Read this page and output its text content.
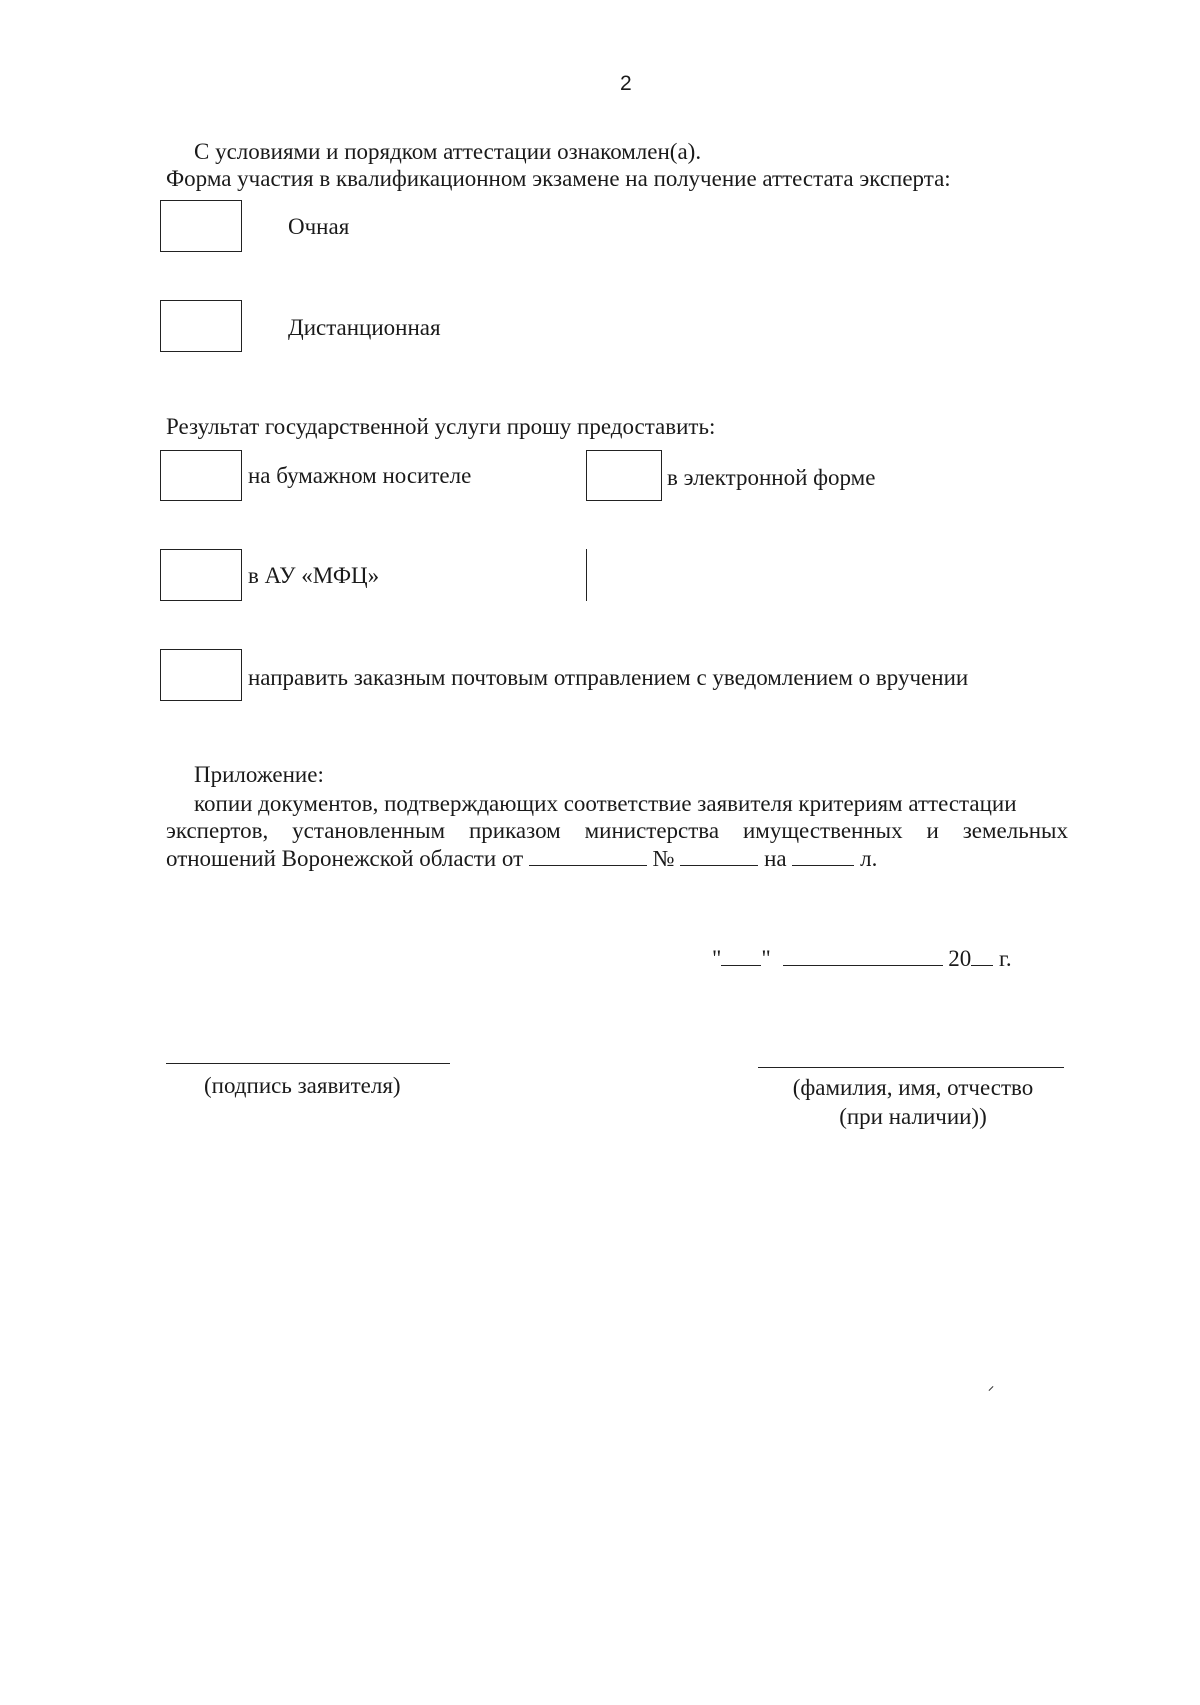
2
С условиями и порядком аттестации ознакомлен(а).
Форма участия в квалификационном экзамене на получение аттестата эксперта:
Очная
Дистанционная
Результат государственной услуги прошу предоставить:
на бумажном носителе	в электронной форме
в АУ «МФЦ»
направить заказным почтовым отправлением с уведомлением о вручении
Приложение:
копии документов, подтверждающих соответствие заявителя критериям аттестации
экспертов, установленным приказом министерства имущественных и земельных
отношений Воронежской области от	№	на	л.
" "	20 г.
(подпись заявителя)	(фамилия, имя, отчество
(при наличии))
